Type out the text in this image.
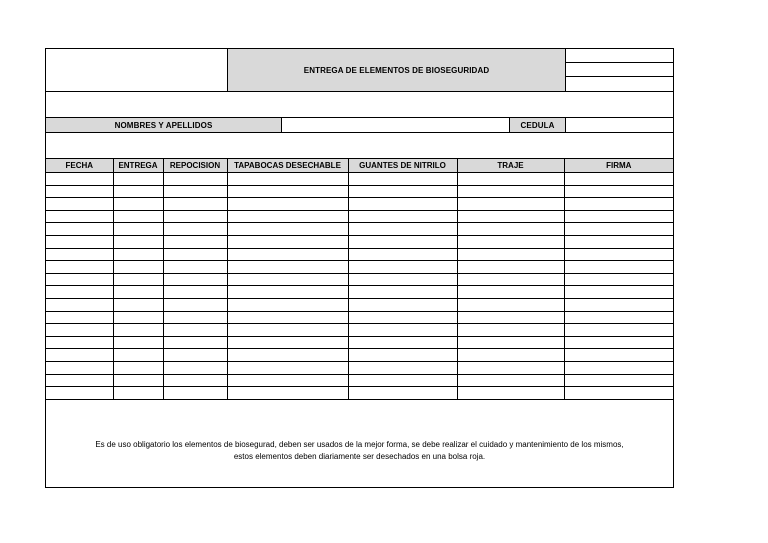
ENTREGA DE ELEMENTOS DE BIOSEGURIDAD
NOMBRES Y APELLIDOS	CEDULA
FECHA	ENTREGA	REPOCISION	TAPABOCAS DESECHABLE	GUANTES DE NITRILO	TRAJE	FIRMA

Es de uso obligatorio los elementos de biosegurad, deben ser usados de la mejor forma, se debe realizar el cuidado y mantenimiento de los mismos,
estos elementos deben diariamente ser desechados en una bolsa roja.
